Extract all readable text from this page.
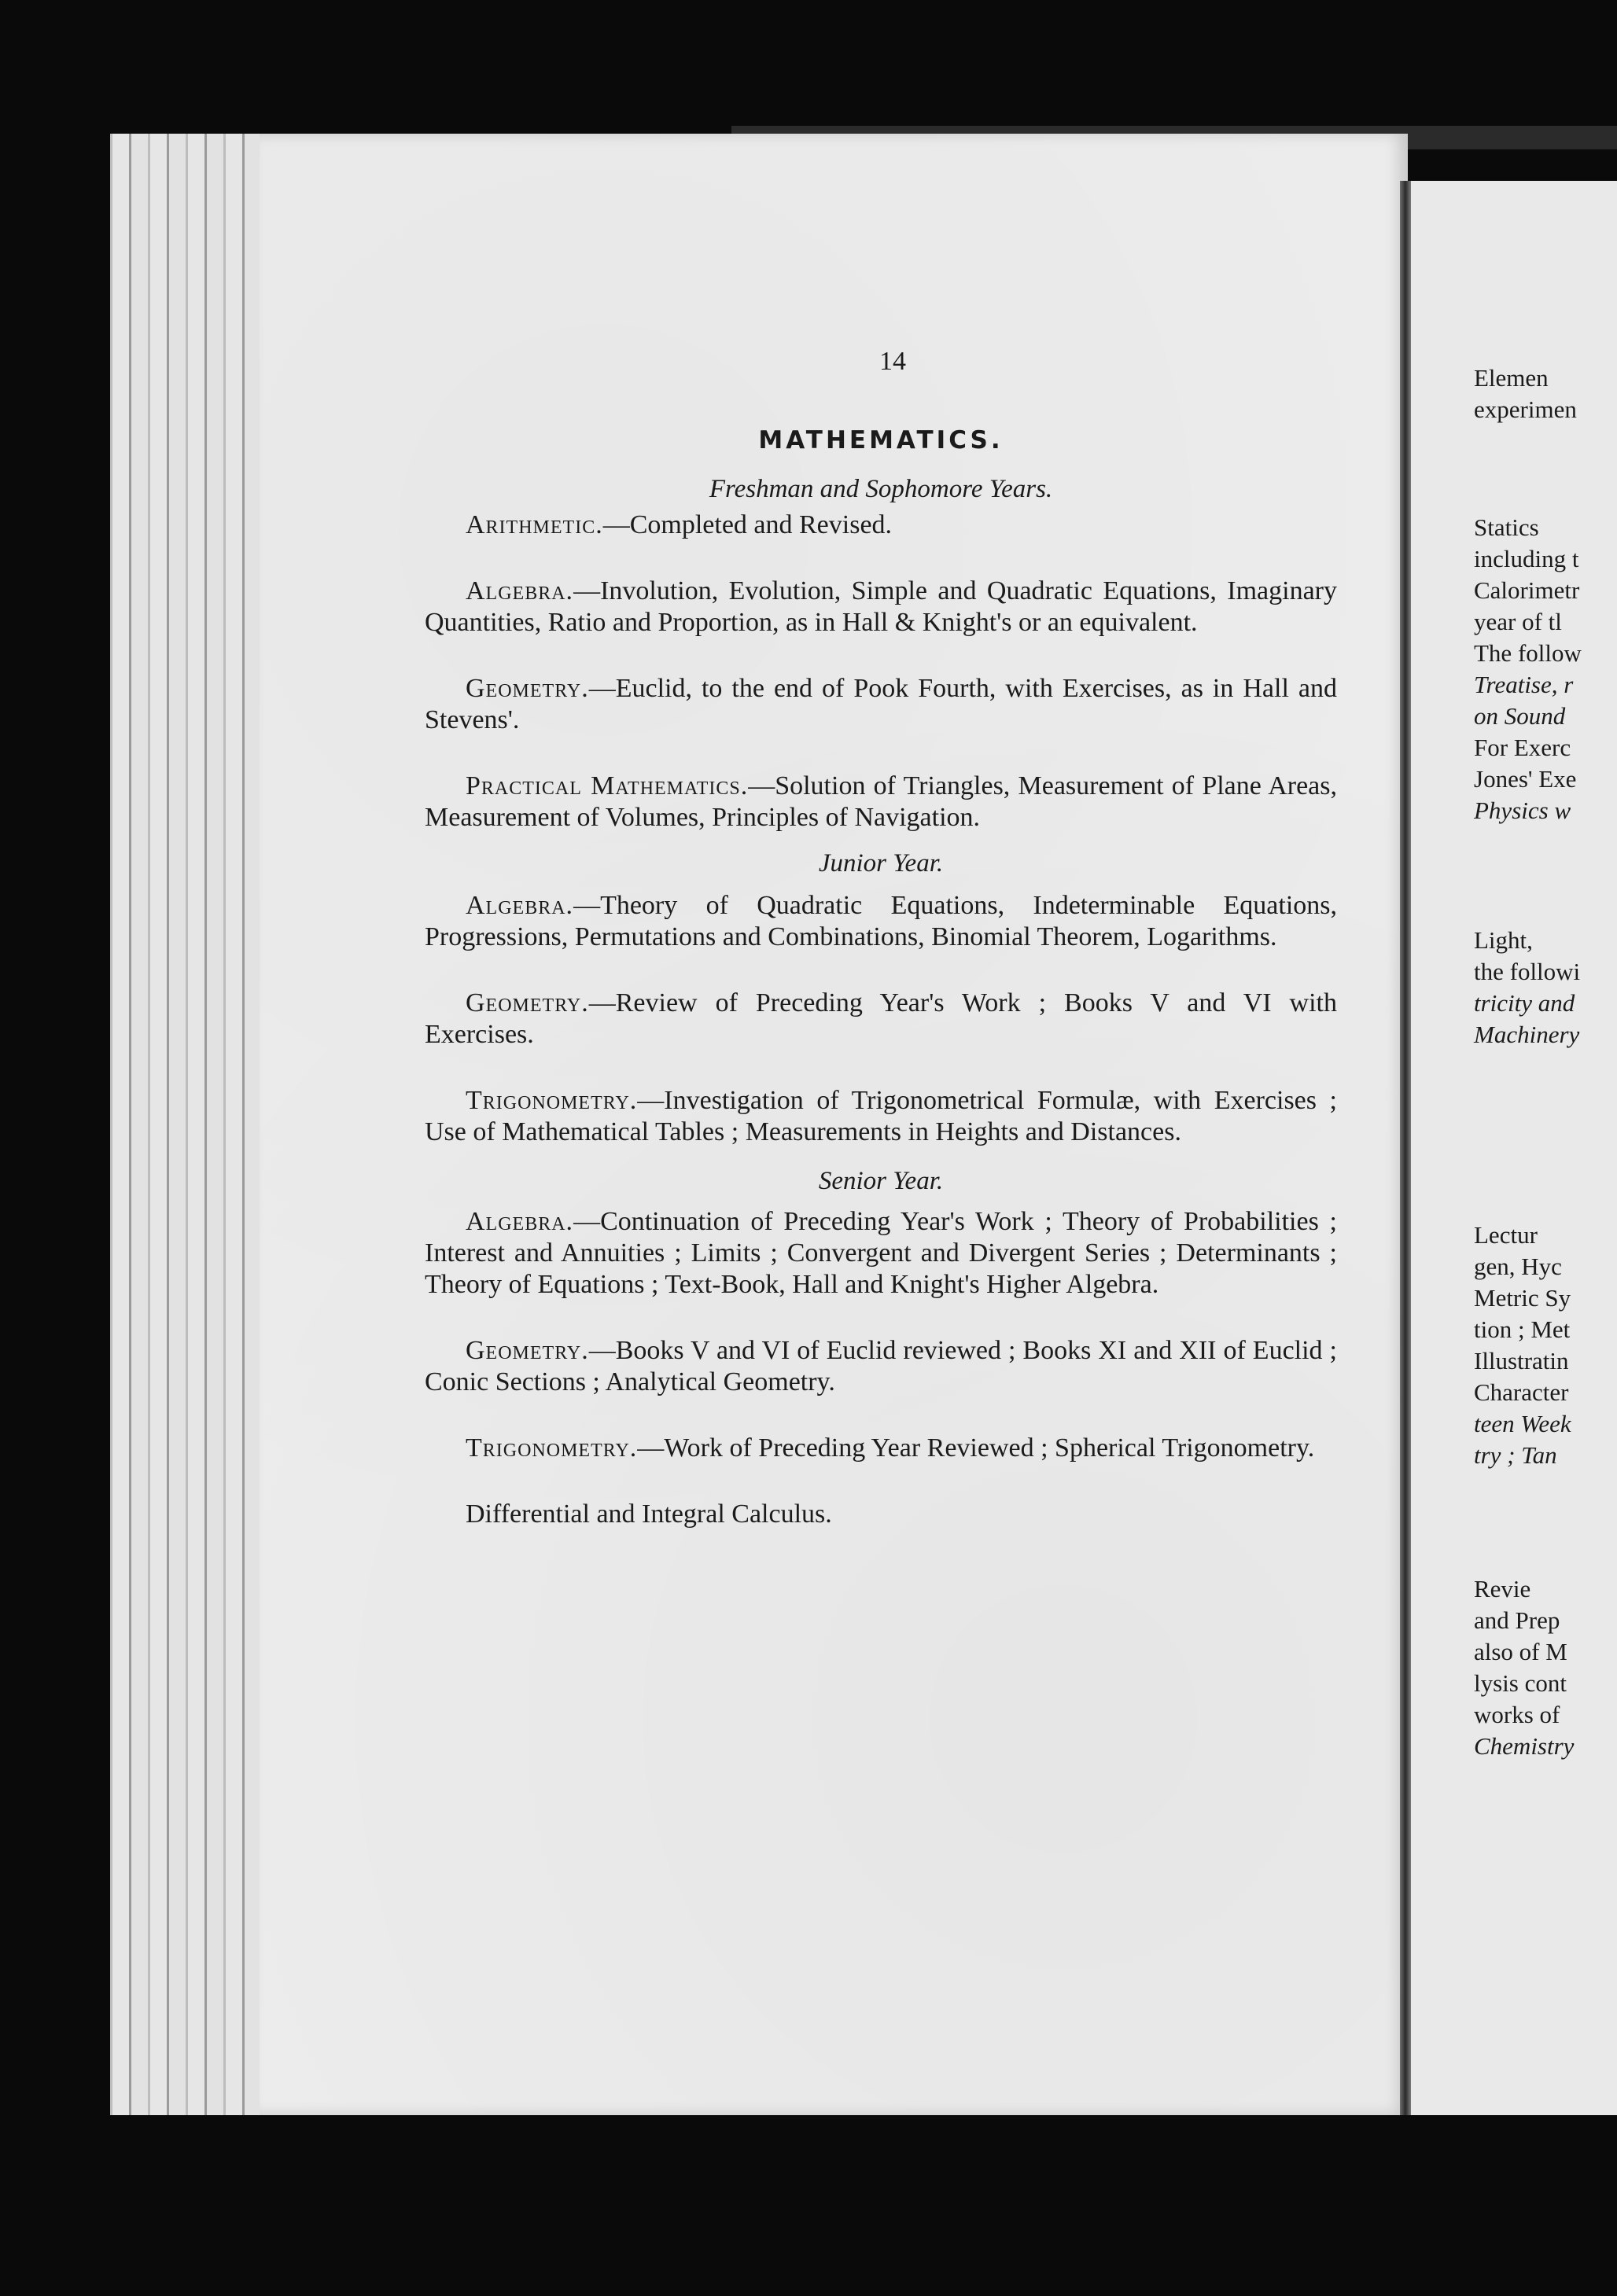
Elemen
experimen
Statics
including t
Calorimetr
year of tl
The follow
Treatise, r
on Sound
For Exerc
Jones' Exe
Physics w
Light,
the followi
tricity and
Machinery
Lectur
gen, Hyc
Metric Sy
tion ; Met
Illustratin
Character
teen Week
try ; Tan
Revie
and Prep
also of M
lysis cont
works of
Chemistry
14
MATHEMATICS.

Freshman and Sophomore Years.

Arithmetic.—Completed and Revised.

Algebra.—Involution, Evolution, Simple and Quadratic Equations, Imaginary Quantities, Ratio and Proportion, as in Hall & Knight's or an equivalent.

Geometry.—Euclid, to the end of Pook Fourth, with Exercises, as in Hall and Stevens'.

Practical Mathematics.—Solution of Triangles, Measurement of Plane Areas, Measurement of Volumes, Principles of Navigation.

Junior Year.

Algebra.—Theory of Quadratic Equations, Indeterminable Equations, Progressions, Permutations and Combinations, Binomial Theorem, Logarithms.

Geometry.—Review of Preceding Year's Work ; Books V and VI with Exercises.

Trigonometry.—Investigation of Trigonometrical Formulæ, with Exercises ; Use of Mathematical Tables ; Measurements in Heights and Distances.

Senior Year.

Algebra.—Continuation of Preceding Year's Work ; Theory of Probabilities ; Interest and Annuities ; Limits ; Convergent and Divergent Series ; Determinants ; Theory of Equations ; Text-Book, Hall and Knight's Higher Algebra.

Geometry.—Books V and VI of Euclid reviewed ; Books XI and XII of Euclid ; Conic Sections ; Analytical Geometry.

Trigonometry.—Work of Preceding Year Reviewed ; Spherical Trigonometry.

Differential and Integral Calculus.
